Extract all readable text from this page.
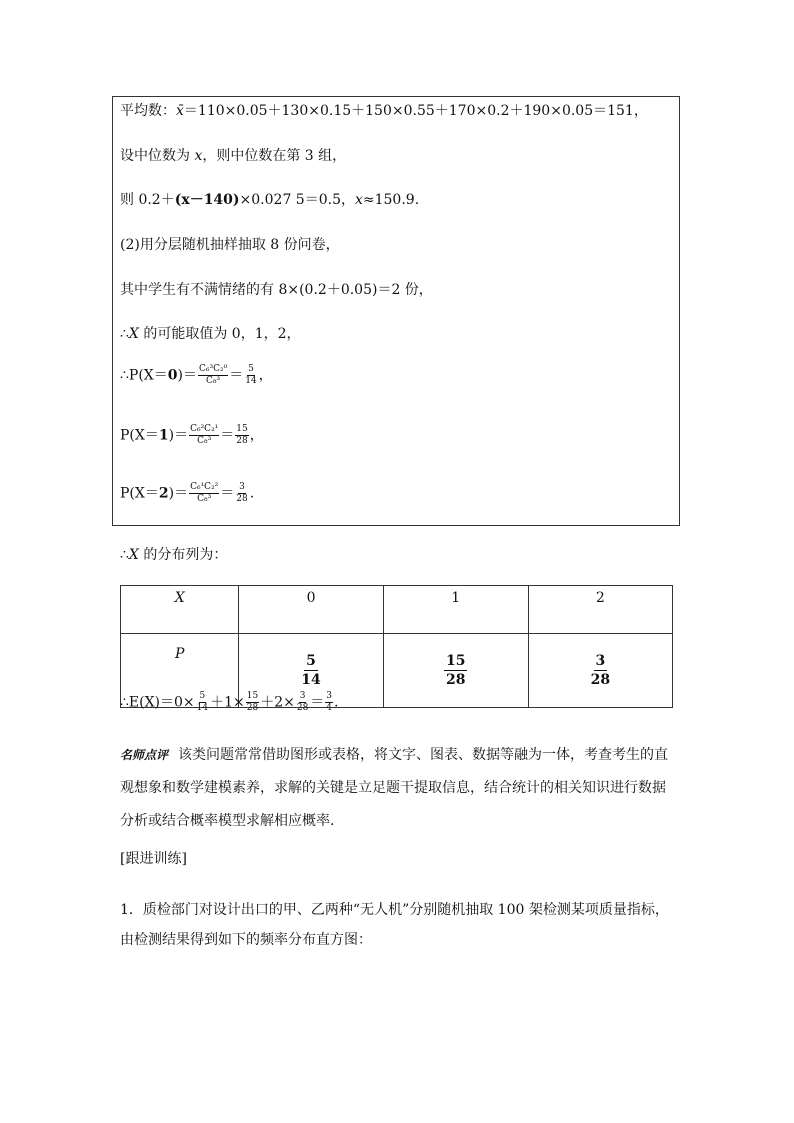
平均数：x̄＝110×0.05＋130×0.15＋150×0.55＋170×0.2＋190×0.05＝151，
设中位数为 x，则中位数在第 3 组，
则 0.2＋(x－140)×0.027 5＝0.5，x≈150.9.
(2)用分层随机抽样抽取 8 份问卷，
其中学生有不满情绪的有 8×(0.2＋0.05)＝2 份，
∴X 的可能取值为 0，1，2，
∴P(X＝0)＝ $\frac{\text{C₆³C₂⁰}}{\text{C₈³}} = \frac{5}{14}$ ，
$P(X=1)= \frac{\text{C₆²C₂¹}}{\text{C₈³}} = \frac{15}{28}$ ，
$P(X=2)= \frac{\text{C₆¹C₂²}}{\text{C₈³}} = \frac{3}{28}$ .
∴X 的分布列为：
X	0	1	2
P	$\frac{5}{14}$	$\frac{15}{28}$	$\frac{3}{28}$
∴E(X)＝0× $\frac{5}{14} +1\times \frac{15}{28} +2\times \frac{3}{28} = \frac{3}{4}$ .
名师点评 该类问题常常借助图形或表格，将文字、图表、数据等融为一体，考查考生的直观想象和数学建模素养，求解的关键是立足题干提取信息，结合统计的相关知识进行数据分析或结合概率模型求解相应概率.
[跟进训练]
1．质检部门对设计出口的甲、乙两种“无人机”分别随机抽取 100 架检测某项质量指标，由检测结果得到如下的频率分布直方图：
